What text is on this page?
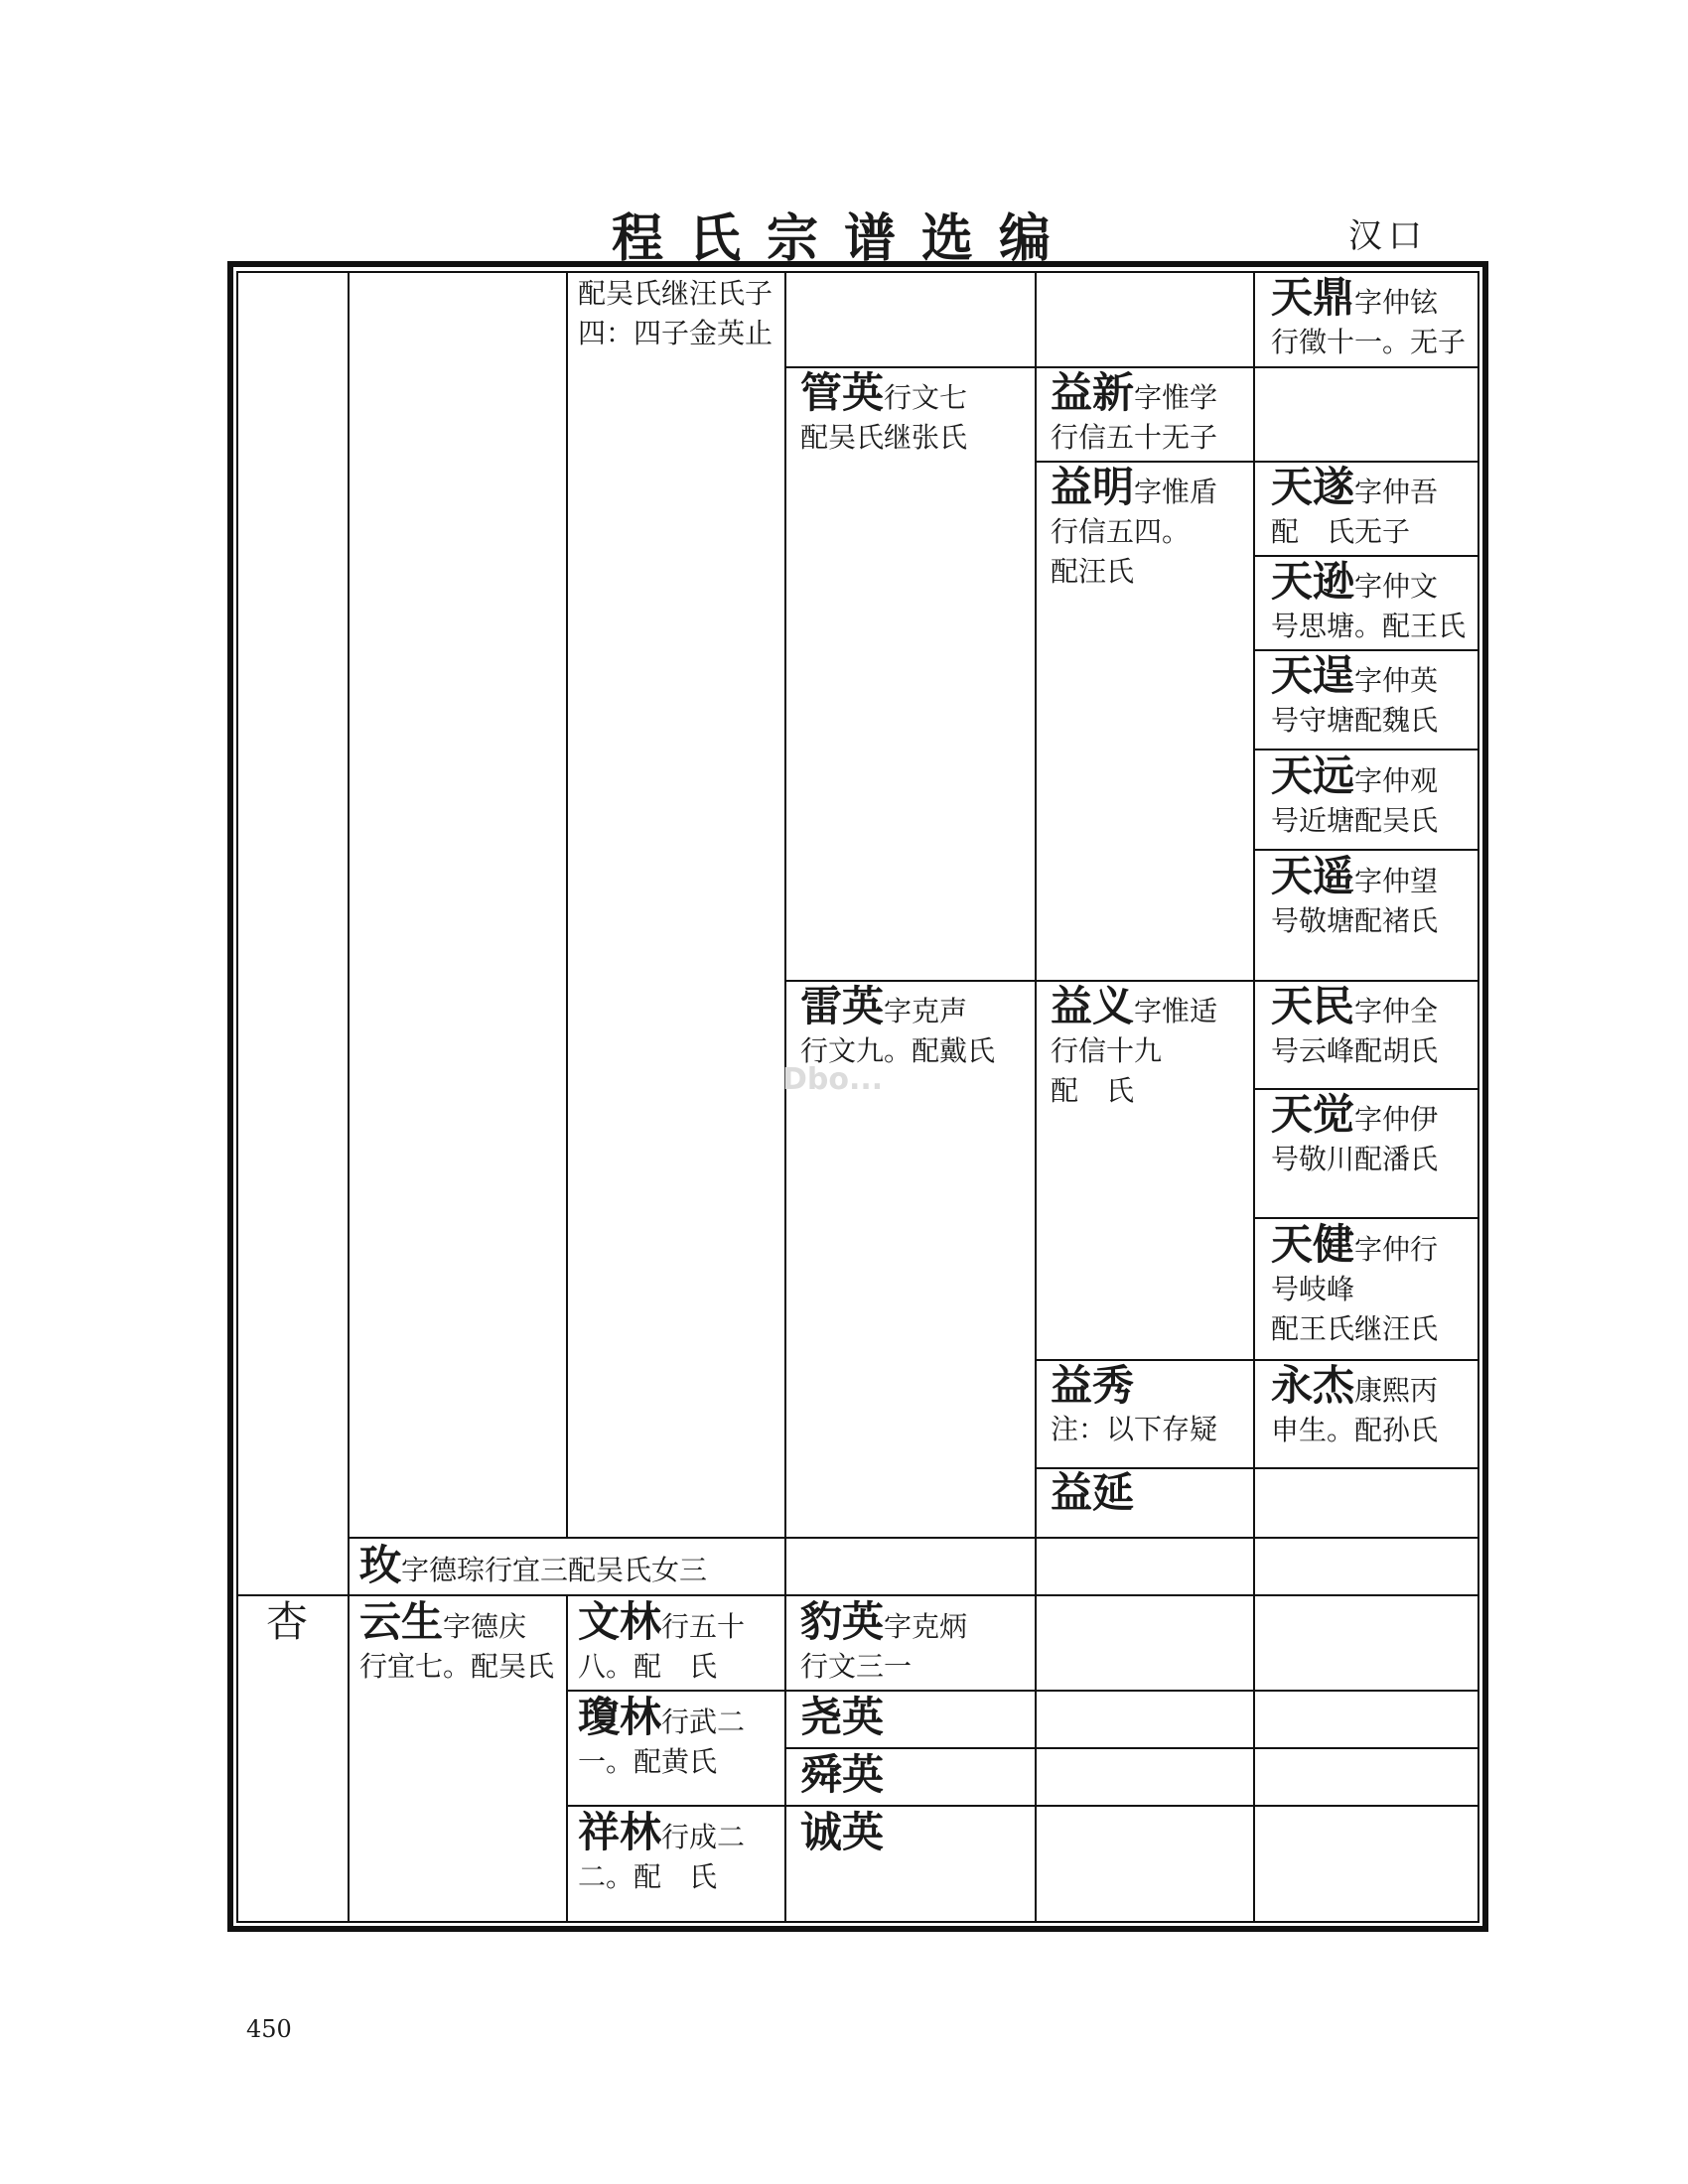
程氏宗谱选编	汉口
配吴氏继汪氏子四：四子金英止
天鼎字仲铉
行徵十一。无子
管英行文七
配吴氏继张氏
益新字惟学
行信五十无子
益明字惟盾
行信五四。
配汪氏
天遂字仲吾
配　氏无子
天逊字仲文
号思塘。配王氏
天逞字仲英
号守塘配魏氏
天远字仲观
号近塘配吴氏
天遥字仲望
号敬塘配褚氏
雷英字克声
行文九。配戴氏
Dbo...
益义字惟适
行信十九
配　氏
天民字仲全
号云峰配胡氏
天觉字仲伊
号敬川配潘氏
天健字仲行
号岐峰
配王氏继汪氏
益秀
注：以下存疑
永杰康熙丙
申生。配孙氏
益延
玫字德琮行宜三配吴氏女三
杏	云生字德庆
行宜七。配吴氏
文林行五十
八。配　氏
豹英字克炳
行文三一
瓊林行武二
一。配黄氏
尧英
舜英
祥林行成二
二。配　氏
诚英
450
